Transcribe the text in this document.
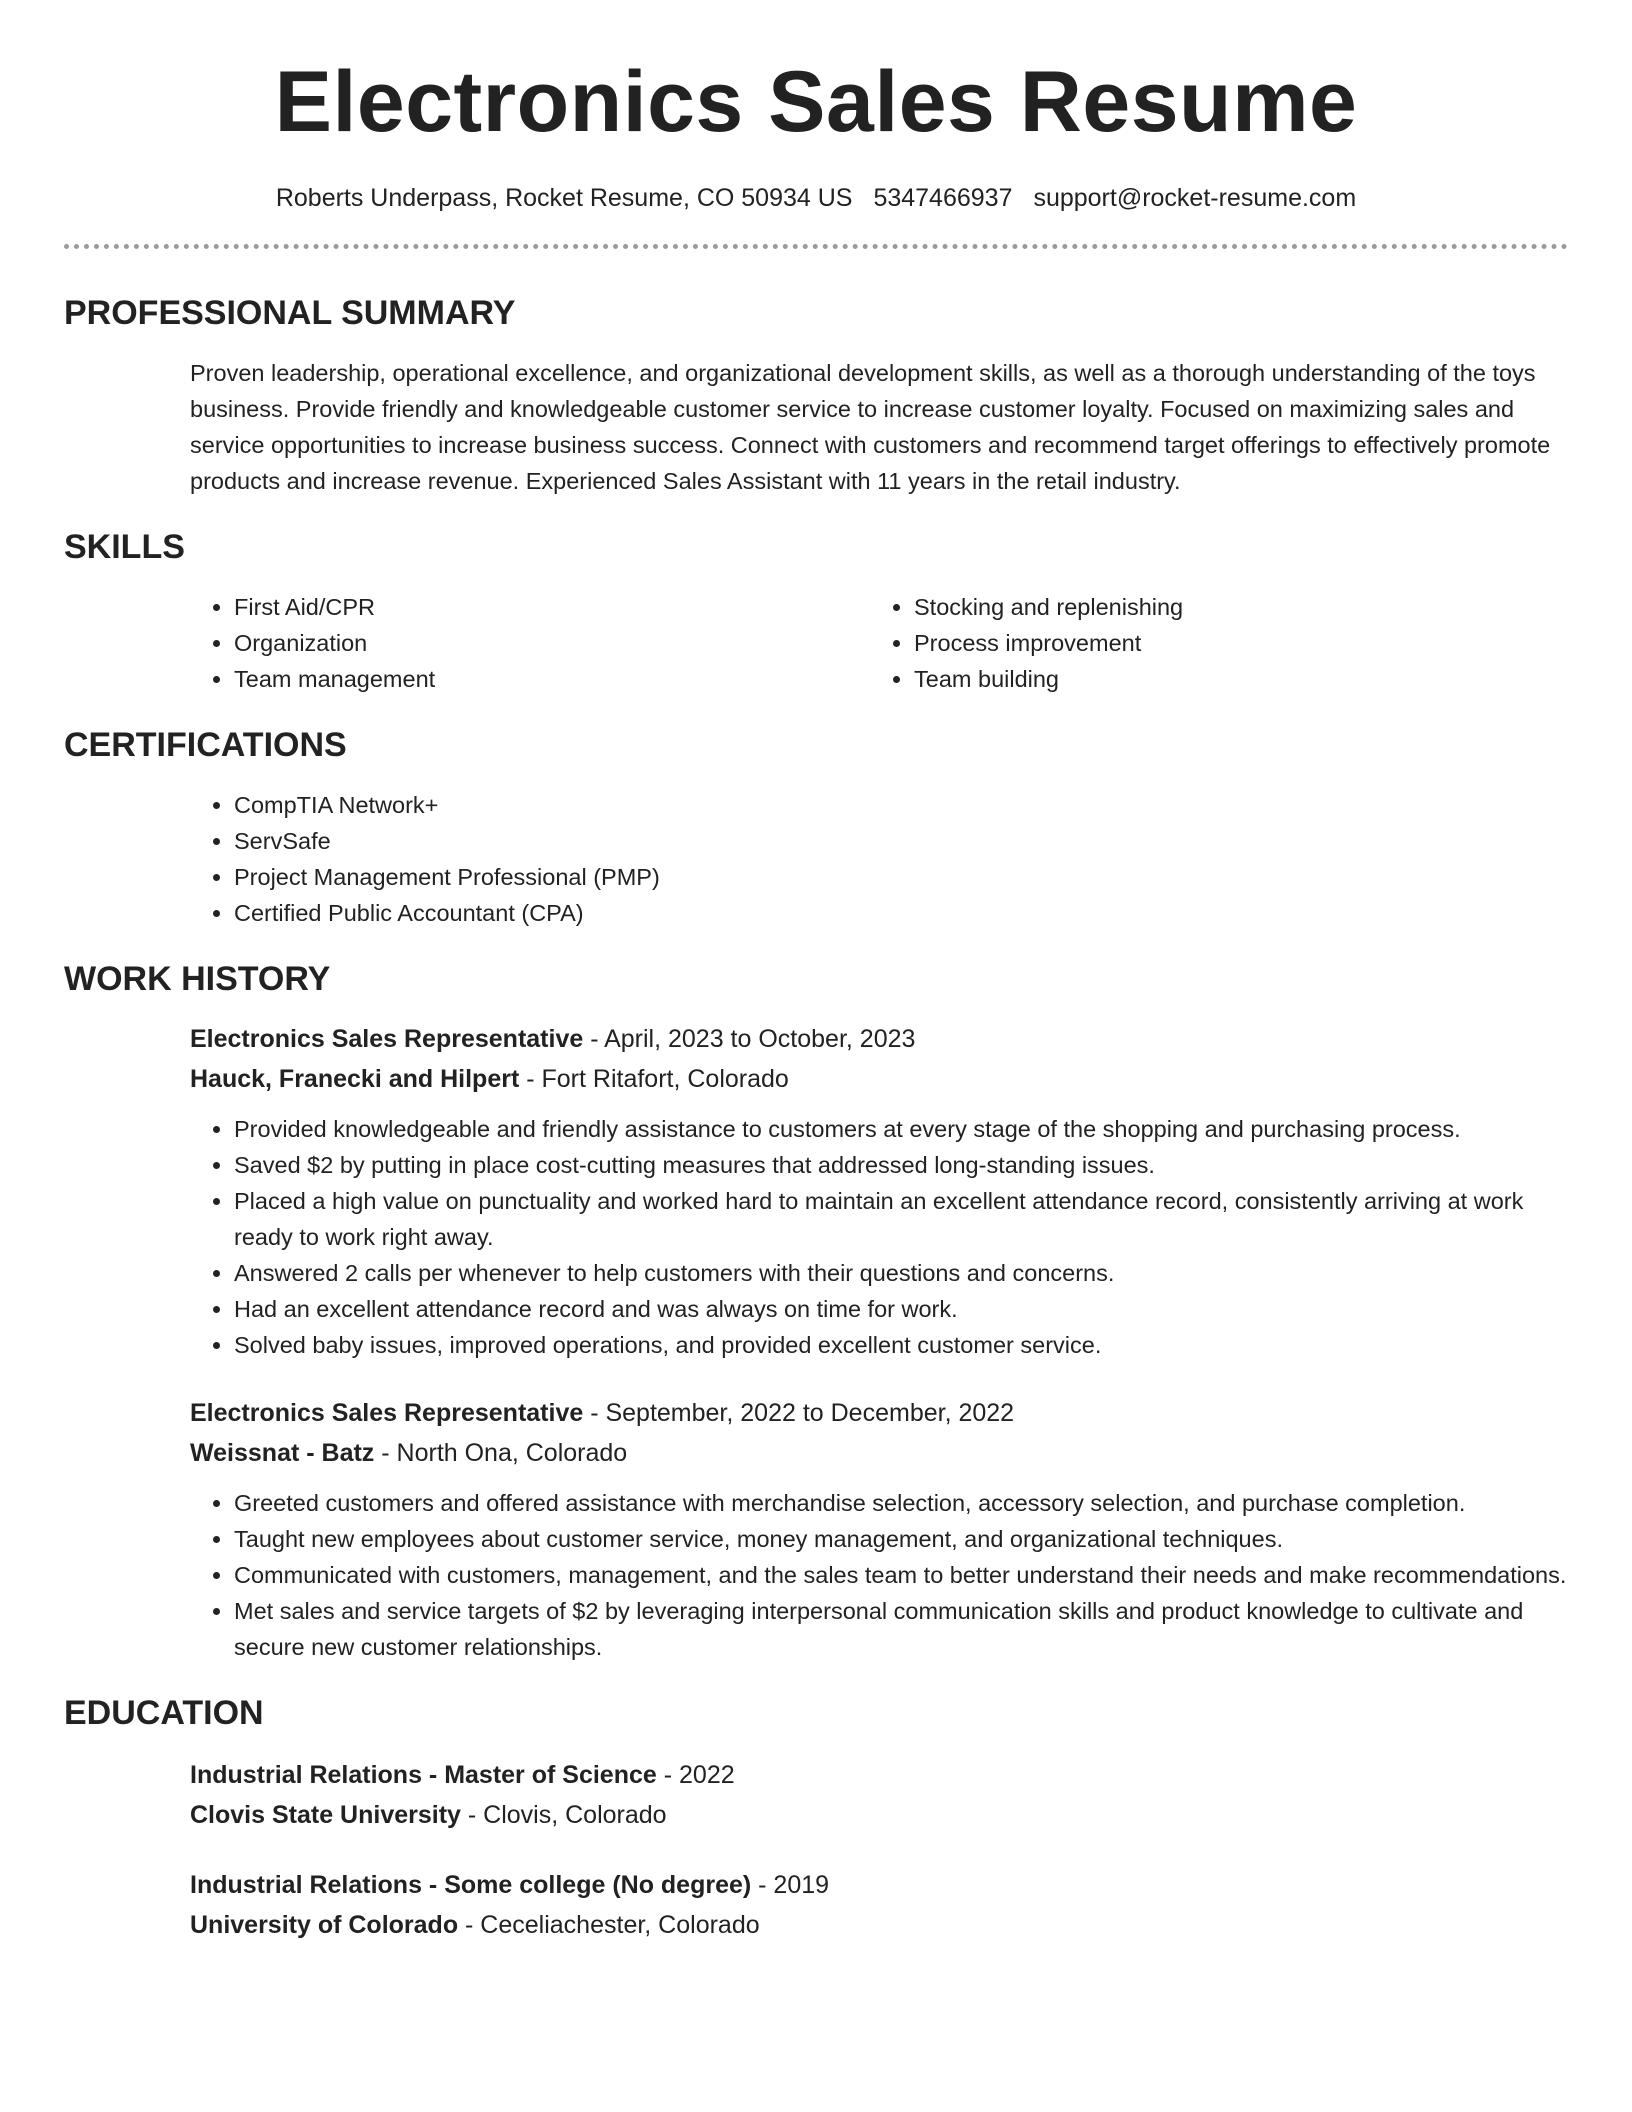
Electronics Sales Resume
Roberts Underpass, Rocket Resume, CO 50934 US 5347466937 support@rocket-resume.com
PROFESSIONAL SUMMARY
Proven leadership, operational excellence, and organizational development skills, as well as a thorough understanding of the toys business. Provide friendly and knowledgeable customer service to increase customer loyalty. Focused on maximizing sales and service opportunities to increase business success. Connect with customers and recommend target offerings to effectively promote products and increase revenue. Experienced Sales Assistant with 11 years in the retail industry.
SKILLS
• First Aid/CPR
• Organization
• Team management
• Stocking and replenishing
• Process improvement
• Team building
CERTIFICATIONS
• CompTIA Network+
• ServSafe
• Project Management Professional (PMP)
• Certified Public Accountant (CPA)
WORK HISTORY
Electronics Sales Representative - April, 2023 to October, 2023
Hauck, Franecki and Hilpert - Fort Ritafort, Colorado
• Provided knowledgeable and friendly assistance to customers at every stage of the shopping and purchasing process.
• Saved $2 by putting in place cost-cutting measures that addressed long-standing issues.
• Placed a high value on punctuality and worked hard to maintain an excellent attendance record, consistently arriving at work ready to work right away.
• Answered 2 calls per whenever to help customers with their questions and concerns.
• Had an excellent attendance record and was always on time for work.
• Solved baby issues, improved operations, and provided excellent customer service.
Electronics Sales Representative - September, 2022 to December, 2022
Weissnat - Batz - North Ona, Colorado
• Greeted customers and offered assistance with merchandise selection, accessory selection, and purchase completion.
• Taught new employees about customer service, money management, and organizational techniques.
• Communicated with customers, management, and the sales team to better understand their needs and make recommendations.
• Met sales and service targets of $2 by leveraging interpersonal communication skills and product knowledge to cultivate and secure new customer relationships.
EDUCATION
Industrial Relations - Master of Science - 2022
Clovis State University - Clovis, Colorado
Industrial Relations - Some college (No degree) - 2019
University of Colorado - Ceceliachester, Colorado
